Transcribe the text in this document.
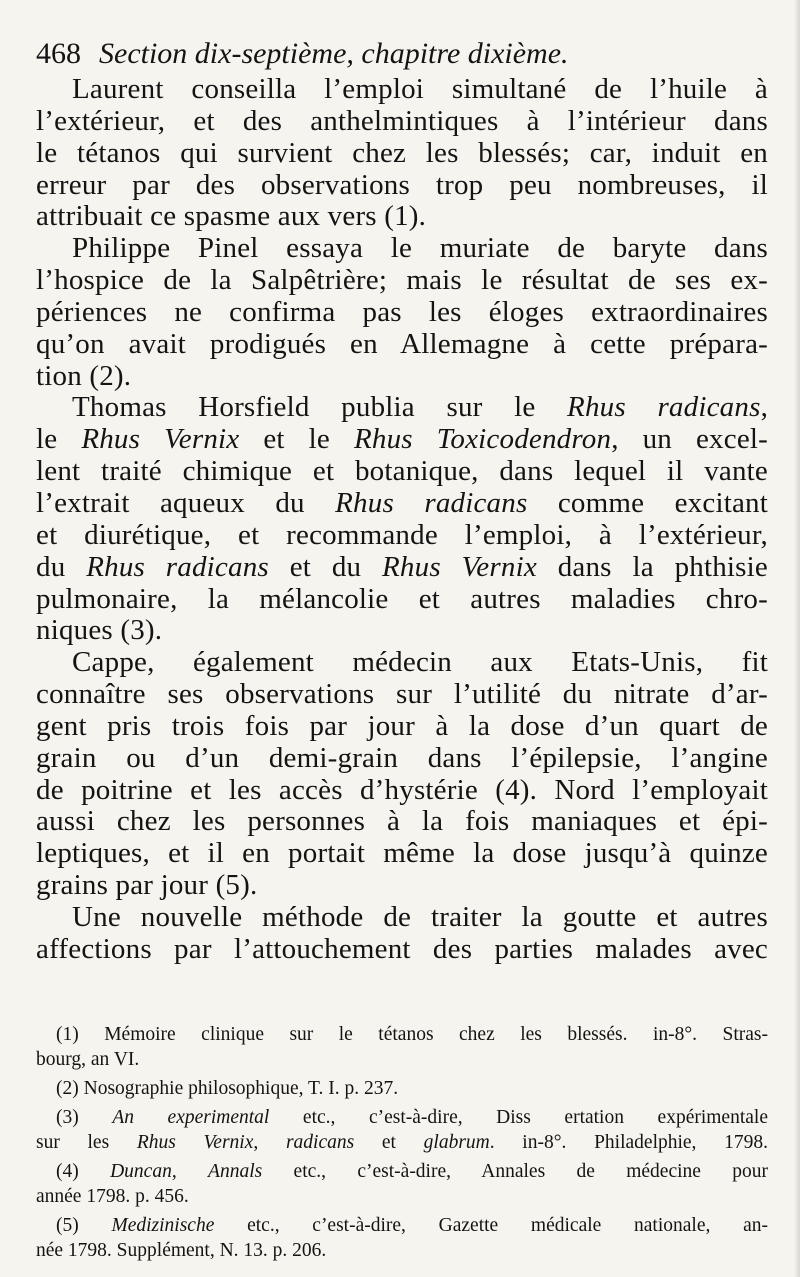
468 Section dix-septième, chapitre dixième.
Laurent conseilla l’emploi simultané de l’huile à
l’extérieur, et des anthelmintiques à l’intérieur dans
le tétanos qui survient chez les blessés; car, induit en
erreur par des observations trop peu nombreuses, il
attribuait ce spasme aux vers (1).
Philippe Pinel essaya le muriate de baryte dans
l’hospice de la Salpêtrière; mais le résultat de ses ex-
périences ne confirma pas les éloges extraordinaires
qu’on avait prodigués en Allemagne à cette prépara-
tion (2).
Thomas Horsfield publia sur le Rhus radicans,
le Rhus Vernix et le Rhus Toxicodendron, un excel-
lent traité chimique et botanique, dans lequel il vante
l’extrait aqueux du Rhus radicans comme excitant
et diurétique, et recommande l’emploi, à l’extérieur,
du Rhus radicans et du Rhus Vernix dans la phthisie
pulmonaire, la mélancolie et autres maladies chro-
niques (3).
Cappe, également médecin aux Etats-Unis, fit
connaître ses observations sur l’utilité du nitrate d’ar-
gent pris trois fois par jour à la dose d’un quart de
grain ou d’un demi-grain dans l’épilepsie, l’angine
de poitrine et les accès d’hystérie (4). Nord l’employait
aussi chez les personnes à la fois maniaques et épi-
leptiques, et il en portait même la dose jusqu’à quinze
grains par jour (5).
Une nouvelle méthode de traiter la goutte et autres
affections par l’attouchement des parties malades avec
(1) Mémoire clinique sur le tétanos chez les blessés. in-8°. Stras-
bourg, an VI.
(2) Nosographie philosophique, T. I. p. 237.
(3) An experimental etc., c’est-à-dire, Diss ertation expérimentale
sur les Rhus Vernix, radicans et glabrum. in-8°. Philadelphie, 1798.
(4) Duncan, Annals etc., c’est-à-dire, Annales de médecine pour
année 1798. p. 456.
(5) Medizinische etc., c’est-à-dire, Gazette médicale nationale, an-
née 1798. Supplément, N. 13. p. 206.
